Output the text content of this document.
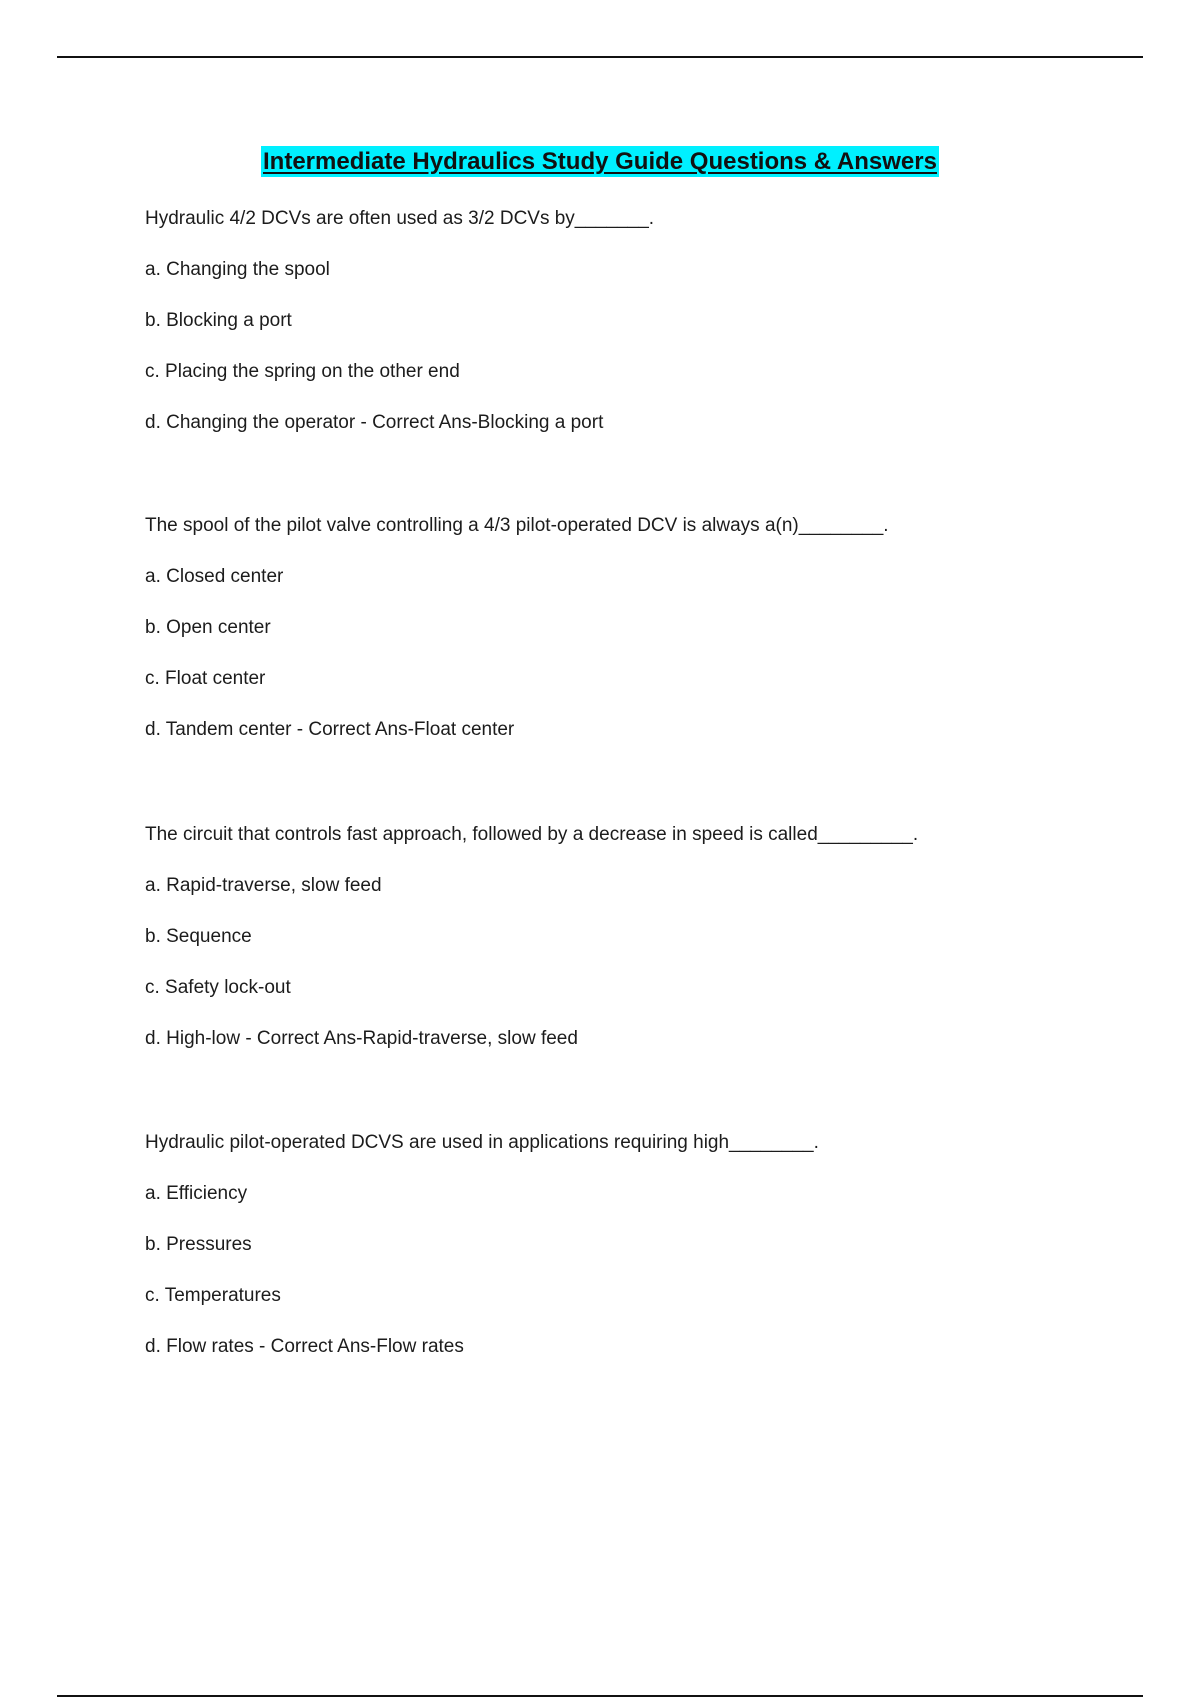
Intermediate Hydraulics Study Guide Questions & Answers
Hydraulic 4/2 DCVs are often used as 3/2 DCVs by_______.
a. Changing the spool
b. Blocking a port
c. Placing the spring on the other end
d. Changing the operator - Correct Ans-Blocking a port
The spool of the pilot valve controlling a 4/3 pilot-operated DCV is always a(n)________.
a. Closed center
b. Open center
c. Float center
d. Tandem center - Correct Ans-Float center
The circuit that controls fast approach, followed by a decrease in speed is called_________.
a. Rapid-traverse, slow feed
b. Sequence
c. Safety lock-out
d. High-low - Correct Ans-Rapid-traverse, slow feed
Hydraulic pilot-operated DCVS are used in applications requiring high________.
a. Efficiency
b. Pressures
c. Temperatures
d. Flow rates - Correct Ans-Flow rates
